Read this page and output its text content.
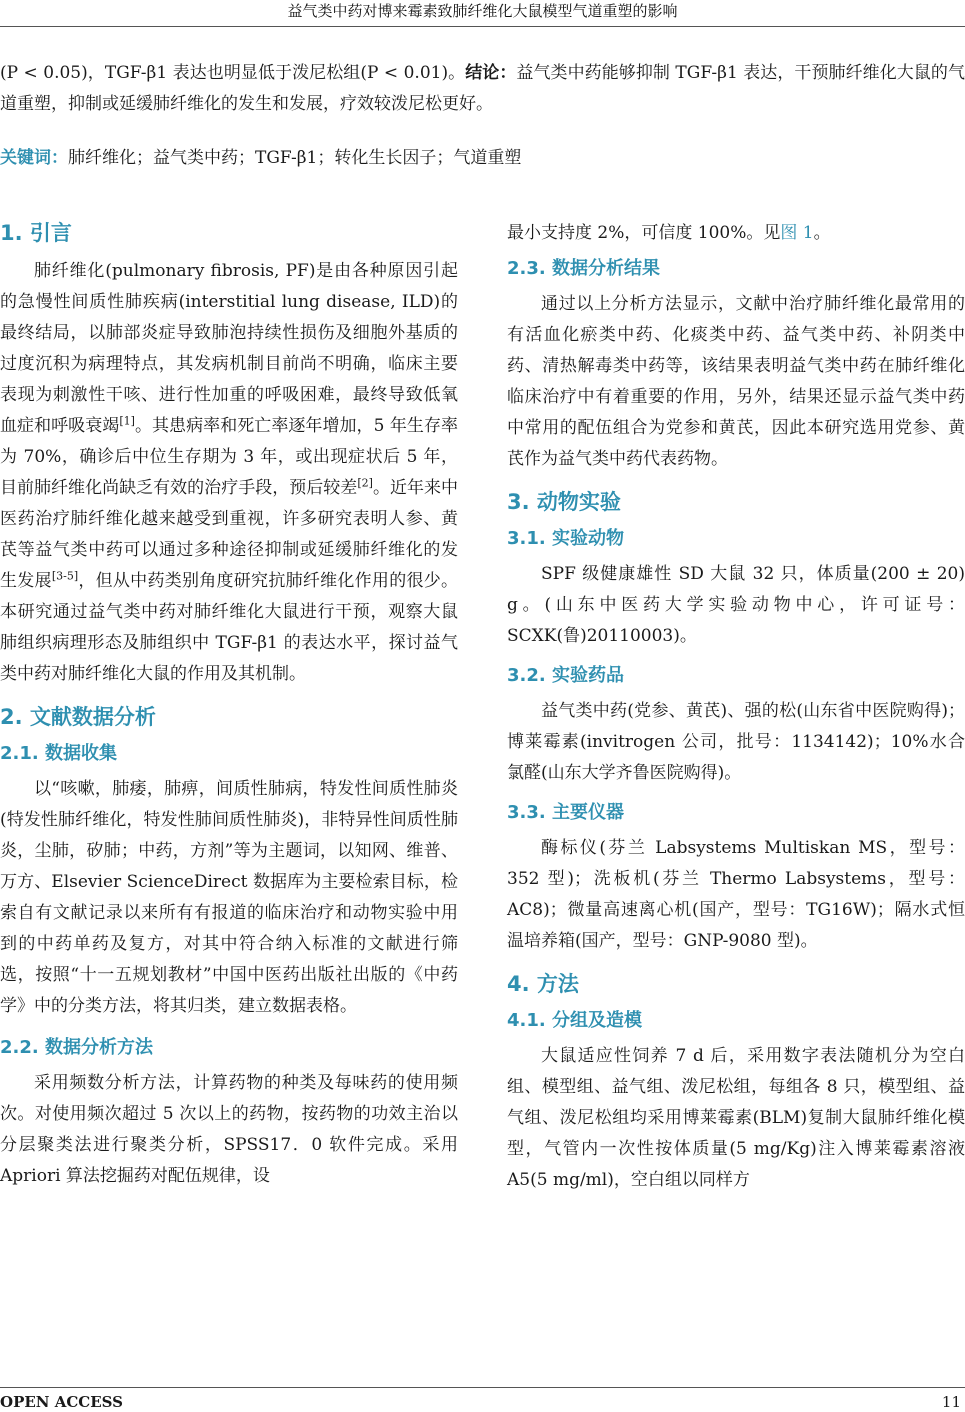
益气类中药对博来霉素致肺纤维化大鼠模型气道重塑的影响

(P < 0.05)，TGF-β1 表达也明显低于泼尼松组(P < 0.01)。结论：益气类中药能够抑制 TGF-β1 表达，干预肺纤维化大鼠的气道重塑，抑制或延缓肺纤维化的发生和发展，疗效较泼尼松更好。

关键词：肺纤维化；益气类中药；TGF-β1；转化生长因子；气道重塑
1. 引言

肺纤维化(pulmonary fibrosis, PF)是由各种原因引起的急慢性间质性肺疾病(interstitial lung disease, ILD)的最终结局，以肺部炎症导致肺泡持续性损伤及细胞外基质的过度沉积为病理特点，其发病机制目前尚不明确，临床主要表现为刺激性干咳、进行性加重的呼吸困难，最终导致低氧血症和呼吸衰竭[1]。其患病率和死亡率逐年增加，5 年生存率为 70%，确诊后中位生存期为 3 年，或出现症状后 5 年，目前肺纤维化尚缺乏有效的治疗手段，预后较差[2]。近年来中医药治疗肺纤维化越来越受到重视，许多研究表明人参、黄芪等益气类中药可以通过多种途径抑制或延缓肺纤维化的发生发展[3-5]，但从中药类别角度研究抗肺纤维化作用的很少。本研究通过益气类中药对肺纤维化大鼠进行干预，观察大鼠肺组织病理形态及肺组织中 TGF-β1 的表达水平，探讨益气类中药对肺纤维化大鼠的作用及其机制。

2. 文献数据分析
2.1. 数据收集

以“咳嗽，肺痿，肺痹，间质性肺病，特发性间质性肺炎(特发性肺纤维化，特发性肺间质性肺炎)，非特异性间质性肺炎，尘肺，矽肺；中药，方剂”等为主题词，以知网、维普、万方、Elsevier ScienceDirect 数据库为主要检索目标，检索自有文献记录以来所有有报道的临床治疗和动物实验中用到的中药单药及复方，对其中符合纳入标准的文献进行筛选，按照“十一五规划教材”中国中医药出版社出版的《中药学》中的分类方法，将其归类，建立数据表格。

2.2. 数据分析方法

采用频数分析方法，计算药物的种类及每味药的使用频次。对使用频次超过 5 次以上的药物，按药物的功效主治以分层聚类法进行聚类分析，SPSS17．0 软件完成。采用 Apriori 算法挖掘药对配伍规律，设

最小支持度 2%，可信度 100%。见图 1。

2.3. 数据分析结果

通过以上分析方法显示，文献中治疗肺纤维化最常用的有活血化瘀类中药、化痰类中药、益气类中药、补阴类中药、清热解毒类中药等，该结果表明益气类中药在肺纤维化临床治疗中有着重要的作用，另外，结果还显示益气类中药中常用的配伍组合为党参和黄芪，因此本研究选用党参、黄芪作为益气类中药代表药物。

3. 动物实验
3.1. 实验动物

SPF 级健康雄性 SD 大鼠 32 只，体质量(200 ± 20) g。(山东中医药大学实验动物中心，许可证号：SCXK(鲁)20110003)。

3.2. 实验药品

益气类中药(党参、黄芪)、强的松(山东省中医院购得)；博莱霉素(invitrogen 公司，批号：1134142)；10%水合氯醛(山东大学齐鲁医院购得)。

3.3. 主要仪器

酶标仪(芬兰 Labsystems Multiskan MS，型号：352 型)；洗板机(芬兰 Thermo Labsystems，型号：AC8)；微量高速离心机(国产，型号：TG16W)；隔水式恒温培养箱(国产，型号：GNP-9080 型)。

4. 方法
4.1. 分组及造模

大鼠适应性饲养 7 d 后，采用数字表法随机分为空白组、模型组、益气组、泼尼松组，每组各 8 只，模型组、益气组、泼尼松组均采用博莱霉素(BLM)复制大鼠肺纤维化模型，气管内一次性按体质量(5 mg/Kg)注入博莱霉素溶液 A5(5 mg/ml)，空白组以同样方

OPEN ACCESS	11
